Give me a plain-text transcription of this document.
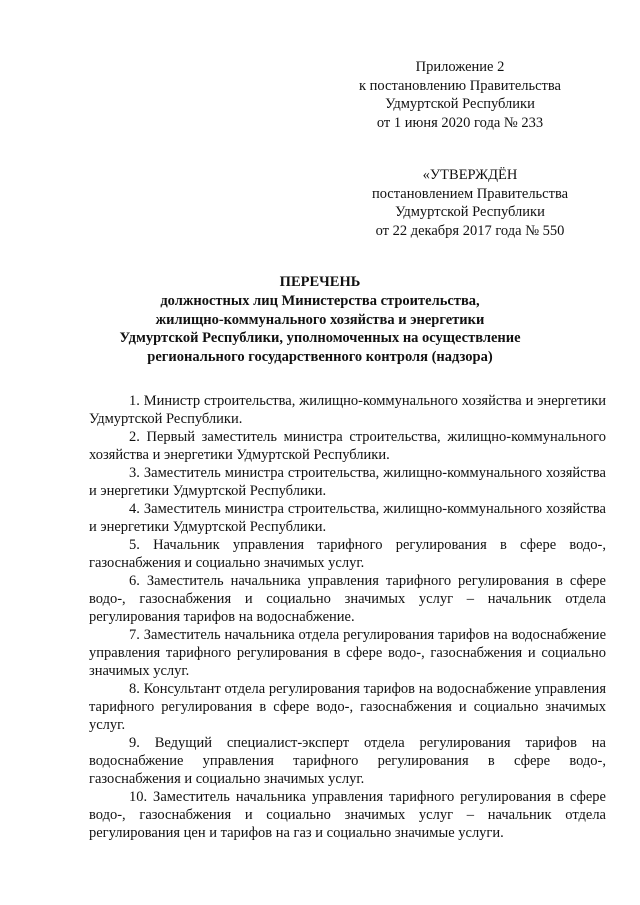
Приложение 2
к постановлению Правительства
Удмуртской Республики
от 1 июня 2020 года № 233
«УТВЕРЖДЁН
постановлением Правительства
Удмуртской Республики
от 22 декабря 2017 года № 550
ПЕРЕЧЕНЬ
должностных лиц Министерства строительства,
жилищно-коммунального хозяйства и энергетики
Удмуртской Республики, уполномоченных на осуществление
регионального государственного контроля (надзора)

1. Министр строительства, жилищно-коммунального хозяйства и энергетики Удмуртской Республики.

2. Первый заместитель министра строительства, жилищно-коммунального хозяйства и энергетики Удмуртской Республики.

3. Заместитель министра строительства, жилищно-коммунального хозяйства и энергетики Удмуртской Республики.

4. Заместитель министра строительства, жилищно-коммунального хозяйства и энергетики Удмуртской Республики.

5. Начальник управления тарифного регулирования в сфере водо-, газоснабжения и социально значимых услуг.

6. Заместитель начальника управления тарифного регулирования в сфере водо-, газоснабжения и социально значимых услуг – начальник отдела регулирования тарифов на водоснабжение.

7. Заместитель начальника отдела регулирования тарифов на водоснабжение управления тарифного регулирования в сфере водо-, газоснабжения и социально значимых услуг.

8. Консультант отдела регулирования тарифов на водоснабжение управления тарифного регулирования в сфере водо-, газоснабжения и социально значимых услуг.

9. Ведущий специалист-эксперт отдела регулирования тарифов на водоснабжение управления тарифного регулирования в сфере водо-, газоснабжения и социально значимых услуг.

10. Заместитель начальника управления тарифного регулирования в сфере водо-, газоснабжения и социально значимых услуг – начальник отдела регулирования цен и тарифов на газ и социально значимые услуги.
